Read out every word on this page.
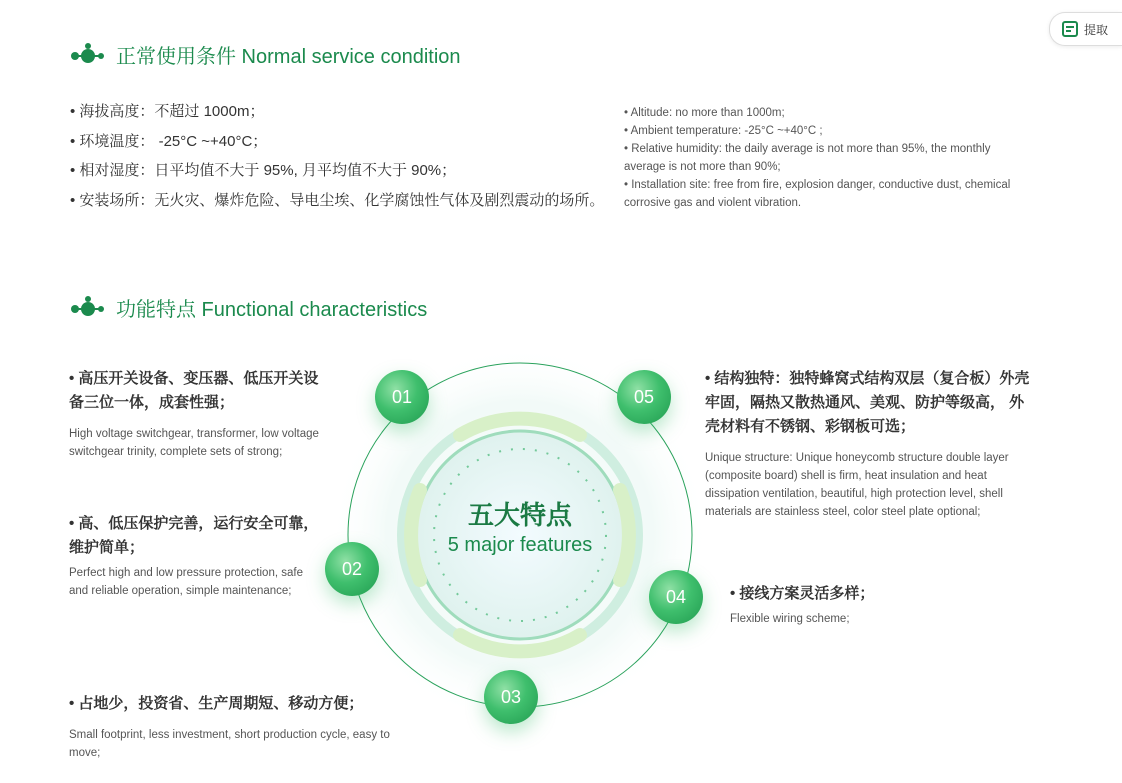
提取
正常使用条件 Normal service condition
• 海拔高度：不超过 1000m；
• 环境温度： -25°C ~+40°C；
• 相对湿度：日平均值不大于 95%, 月平均值不大于 90%；
• 安装场所：无火灾、爆炸危险、导电尘埃、化学腐蚀性气体及剧烈震动的场所。

• Altitude: no more than 1000m;

• Ambient temperature: -25°C ~+40°C ;

• Relative humidity: the daily average is not more than 95%, the monthly average is not more than 90%;

• Installation site: free from fire, explosion danger, conductive dust, chemical corrosive gas and violent vibration.

功能特点 Functional characteristics
五大特点
5 major features
01
02
03
04
05
• 高压开关设备、变压器、低压开关设备三位一体，成套性强；
High voltage switchgear, transformer, low voltage switchgear trinity, complete sets of strong;
• 高、低压保护完善，运行安全可靠，维护简单；
Perfect high and low pressure protection, safe and reliable operation, simple maintenance;
• 占地少，投资省、生产周期短、移动方便；
Small footprint, less investment, short production cycle, easy to move;
• 接线方案灵活多样；
Flexible wiring scheme;
• 结构独特：独特蜂窝式结构双层（复合板）外壳牢固，隔热又散热通风、美观、防护等级高， 外壳材料有不锈钢、彩钢板可选；
Unique structure: Unique honeycomb structure double layer (composite board) shell is firm, heat insulation and heat dissipation ventilation, beautiful, high protection level, shell materials are stainless steel, color steel plate optional;
